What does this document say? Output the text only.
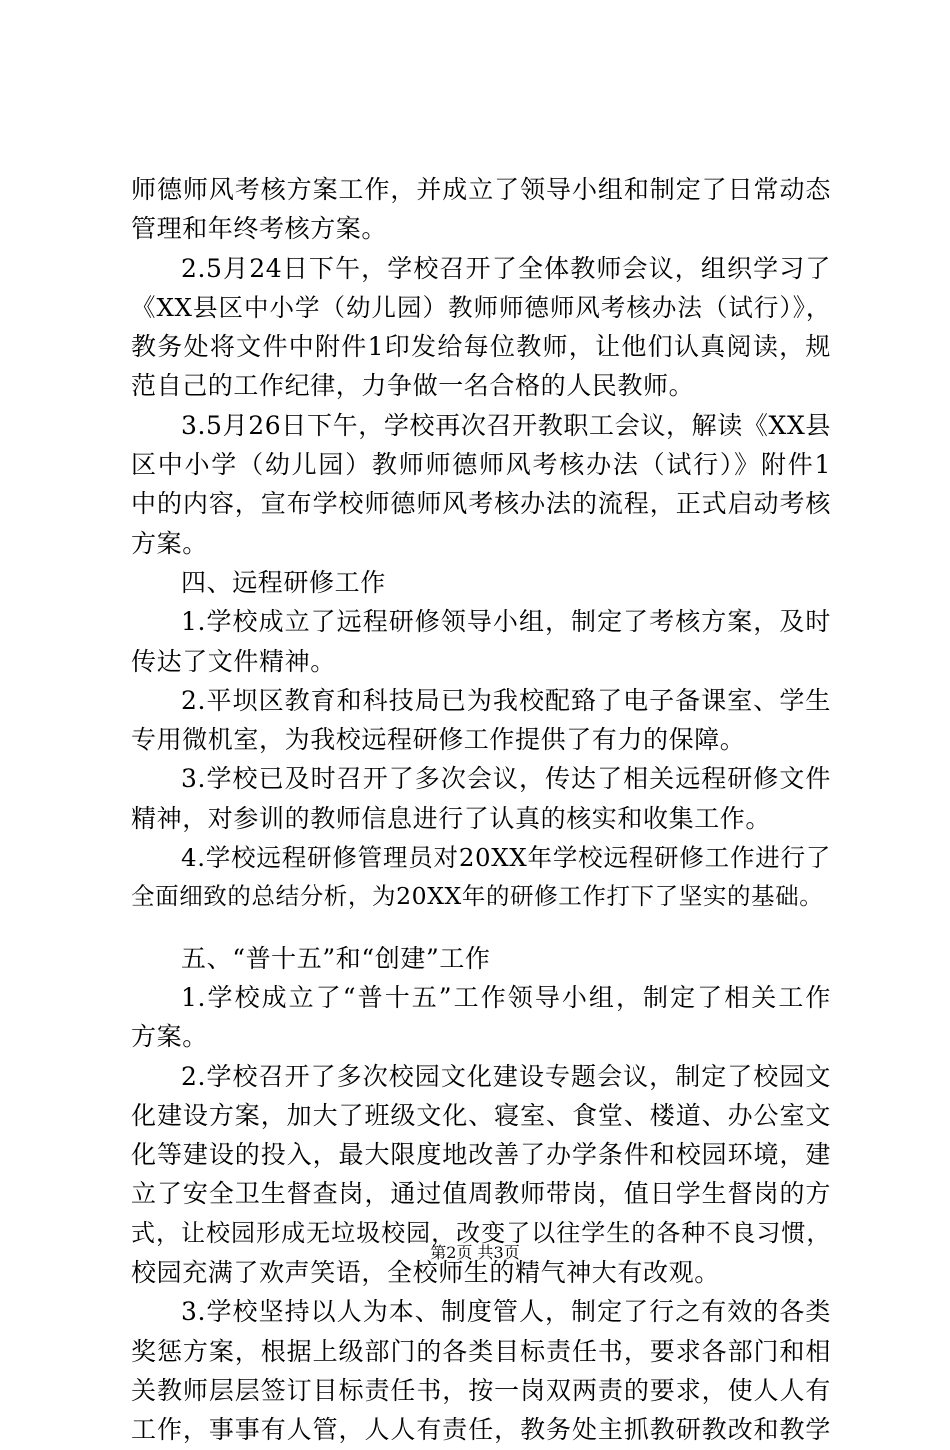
师德师风考核方案工作，并成立了领导小组和制定了日常动态
管理和年终考核方案。
2.5月24日下午，学校召开了全体教师会议，组织学习了
《XX县区中小学（幼儿园）教师师德师风考核办法（试行）》，
教务处将文件中附件1印发给每位教师，让他们认真阅读，规
范自己的工作纪律，力争做一名合格的人民教师。
3.5月26日下午，学校再次召开教职工会议，解读《XX县
区中小学（幼儿园）教师师德师风考核办法（试行）》附件1
中的内容，宣布学校师德师风考核办法的流程，正式启动考核
方案。
四、远程研修工作
1.学校成立了远程研修领导小组，制定了考核方案，及时
传达了文件精神。
2.平坝区教育和科技局已为我校配臵了电子备课室、学生
专用微机室，为我校远程研修工作提供了有力的保障。
3.学校已及时召开了多次会议，传达了相关远程研修文件
精神，对参训的教师信息进行了认真的核实和收集工作。
4.学校远程研修管理员对20XX年学校远程研修工作进行了
全面细致的总结分析，为20XX年的研修工作打下了坚实的基础。
五、“普十五”和“创建”工作
1.学校成立了“普十五”工作领导小组，制定了相关工作
方案。
2.学校召开了多次校园文化建设专题会议，制定了校园文
化建设方案，加大了班级文化、寝室、食堂、楼道、办公室文
化等建设的投入，最大限度地改善了办学条件和校园环境，建
立了安全卫生督查岗，通过值周教师带岗，值日学生督岗的方
式，让校园形成无垃圾校园，改变了以往学生的各种不良习惯，
校园充满了欢声笑语，全校师生的精气神大有改观。
3.学校坚持以人为本、制度管人，制定了行之有效的各类
奖惩方案，根据上级部门的各类目标责任书，要求各部门和相
关教师层层签订目标责任书，按一岗双两责的要求，使人人有
工作，事事有人管，人人有责任，教务处主抓教研教改和教学
第2页 共3页
